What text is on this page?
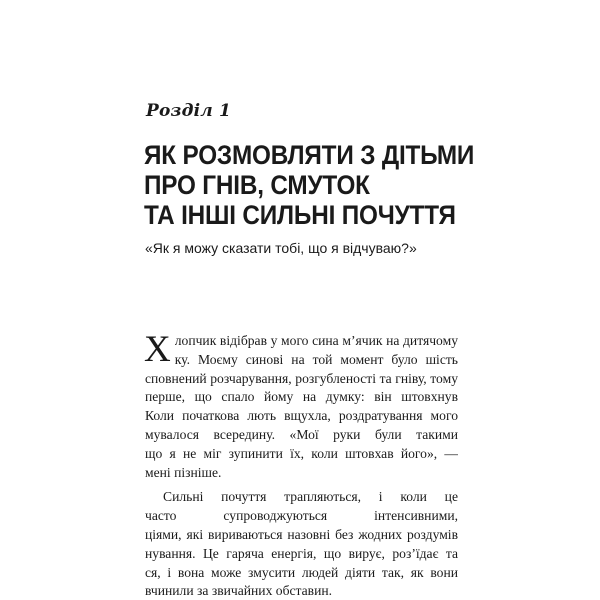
Розділ 1
ЯК РОЗМОВЛЯТИ З ДІТЬМИ
ПРО ГНІВ, СМУТОК
ТА ІНШІ СИЛЬНІ ПОЧУТТЯ
«Як я можу сказати тобі, що я відчуваю?»
Х лопчик відібрав у мого сина м’ячик на дитячому
ку. Моєму синові на той момент було шість
сповнений розчарування, розгубленості та гніву, тому
перше, що спало йому на думку: він штовхнув
Коли початкова лють вщухла, роздратування мого
мувалося всередину. «Мої руки були такими
що я не міг зупинити їх, коли штовхав його», —
мені пізніше.
Сильні почуття трапляються, і коли це
часто супроводжуються інтенсивними,
ціями, які вириваються назовні без жодних роздумів
нування. Це гаряча енергія, що вирує, роз’їдає та
ся, і вона може змусити людей діяти так, як вони
вчинили за звичайних обставин.
